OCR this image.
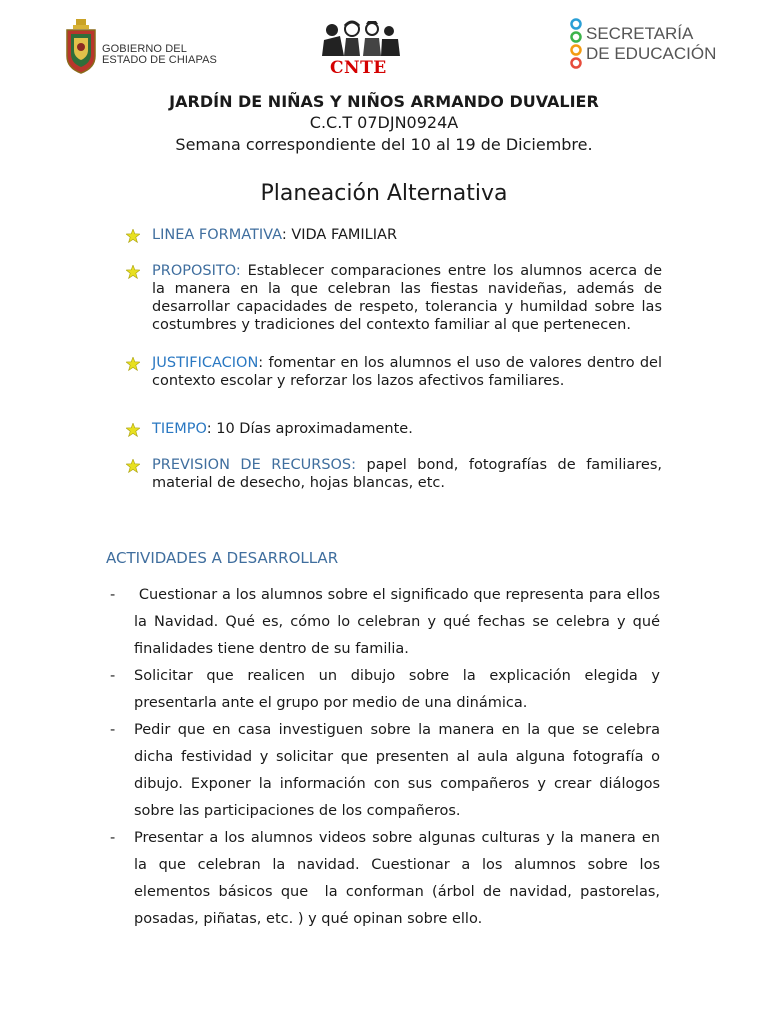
GOBIERNO DEL
ESTADO DE CHIAPAS	CNTE
SECRETARÍA
DE EDUCACIÓN

JARDÍN DE NIÑAS Y NIÑOS ARMANDO DUVALIER

C.C.T 07DJN0924A

Semana correspondiente del 10 al 19 de Diciembre.

Planeación Alternativa
LINEA FORMATIVA: VIDA FAMILIAR
PROPOSITO: Establecer comparaciones entre los alumnos acerca de la manera en la que celebran las fiestas navideñas, además de desarrollar capacidades de respeto, tolerancia y humildad sobre las costumbres y tradiciones del contexto familiar al que pertenecen.
JUSTIFICACION: fomentar en los alumnos el uso de valores dentro del contexto escolar y reforzar los lazos afectivos familiares.
TIEMPO: 10 Días aproximadamente.
PREVISION DE RECURSOS: papel bond, fotografías de familiares, material de desecho, hojas blancas, etc.
ACTIVIDADES A DESARROLLAR
- Cuestionar a los alumnos sobre el significado que representa para ellos la Navidad. Qué es, cómo lo celebran y qué fechas se celebra y qué finalidades tiene dentro de su familia.
- Solicitar que realicen un dibujo sobre la explicación elegida y presentarla ante el grupo por medio de una dinámica.
- Pedir que en casa investiguen sobre la manera en la que se celebra dicha festividad y solicitar que presenten al aula alguna fotografía o dibujo. Exponer la información con sus compañeros y crear diálogos sobre las participaciones de los compañeros.
- Presentar a los alumnos videos sobre algunas culturas y la manera en la que celebran la navidad. Cuestionar a los alumnos sobre los elementos básicos que  la conforman (árbol de navidad, pastorelas, posadas, piñatas, etc. ) y qué opinan sobre ello.
